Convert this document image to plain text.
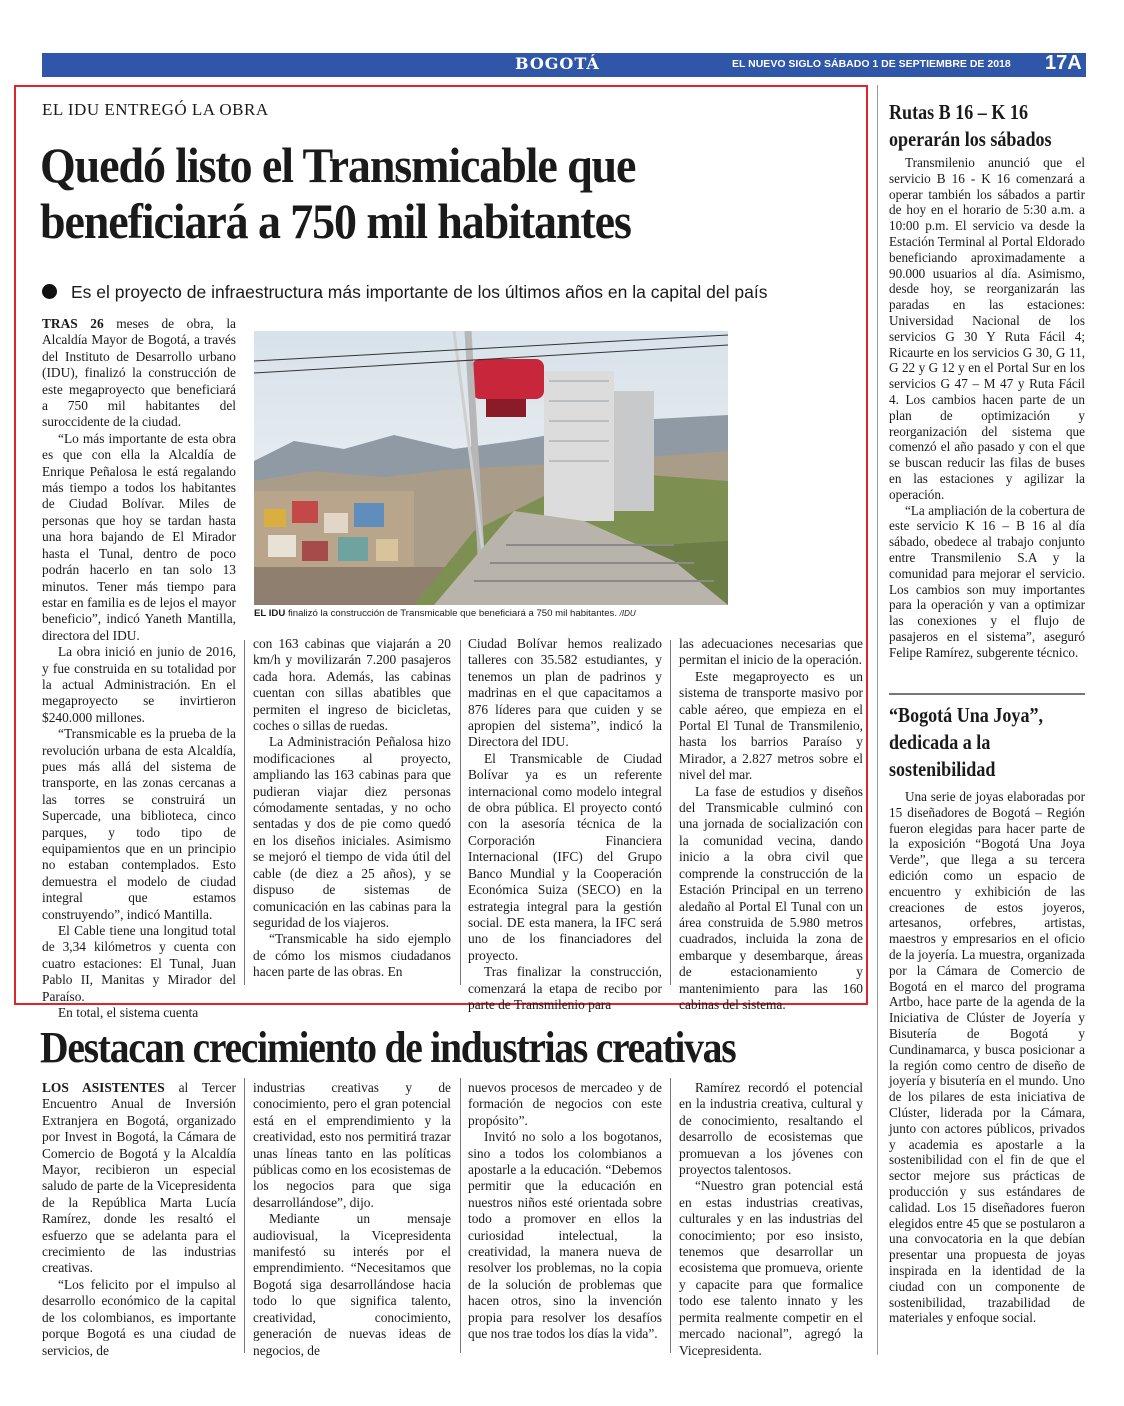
BOGOTÁ	EL NUEVO SIGLO SÁBADO 1 DE SEPTIEMBRE DE 2018 17A
EL IDU ENTREGÓ LA OBRA
Quedó listo el Transmicable que
beneficiará a 750 mil habitantes
Es el proyecto de infraestructura más importante de los últimos años en la capital del país

TRAS 26 meses de obra, la Alcaldía Mayor de Bogotá, a través del Instituto de Desarrollo urbano (IDU), finalizó la construcción de este megaproyecto que beneficiará a 750 mil habitantes del suroccidente de la ciudad.

“Lo más importante de esta obra es que con ella la Alcaldía de Enrique Peñalosa le está regalando más tiempo a todos los habitantes de Ciudad Bolívar. Miles de personas que hoy se tardan hasta una hora bajando de El Mirador hasta el Tunal, dentro de poco podrán hacerlo en tan solo 13 minutos. Tener más tiempo para estar en familia es de lejos el mayor beneficio”, indicó Yaneth Mantilla, directora del IDU.

La obra inició en junio de 2016, y fue construida en su totalidad por la actual Administración. En el megaproyecto se invirtieron $240.000 millones.

“Transmicable es la prueba de la revolución urbana de esta Alcaldía, pues más allá del sistema de transporte, en las zonas cercanas a las torres se construirá un Supercade, una biblioteca, cinco parques, y todo tipo de equipamientos que en un principio no estaban contemplados. Esto demuestra el modelo de ciudad integral que estamos construyendo”, indicó Mantilla.

El Cable tiene una longitud total de 3,34 kilómetros y cuenta con cuatro estaciones: El Tunal, Juan Pablo II, Manitas y Mirador del Paraíso.

En total, el sistema cuenta

EL IDU finalizó la construcción de Transmicable que beneficiará a 750 mil habitantes. /IDU

con 163 cabinas que viajarán a 20 km/h y movilizarán 7.200 pasajeros cada hora. Además, las cabinas cuentan con sillas abatibles que permiten el ingreso de bicicletas, coches o sillas de ruedas.

La Administración Peñalosa hizo modificaciones al proyecto, ampliando las 163 cabinas para que pudieran viajar diez personas cómodamente sentadas, y no ocho sentadas y dos de pie como quedó en los diseños iniciales. Asimismo se mejoró el tiempo de vida útil del cable (de diez a 25 años), y se dispuso de sistemas de comunicación en las cabinas para la seguridad de los viajeros.

“Transmicable ha sido ejemplo de cómo los mismos ciudadanos hacen parte de las obras. En

Ciudad Bolívar hemos realizado talleres con 35.582 estudiantes, y tenemos un plan de padrinos y madrinas en el que capacitamos a 876 líderes para que cuiden y se apropien del sistema”, indicó la Directora del IDU.

El Transmicable de Ciudad Bolívar ya es un referente internacional como modelo integral de obra pública. El proyecto contó con la asesoría técnica de la Corporación Financiera Internacional (IFC) del Grupo Banco Mundial y la Cooperación Económica Suiza (SECO) en la estrategia integral para la gestión social. DE esta manera, la IFC será uno de los financiadores del proyecto.

Tras finalizar la construcción, comenzará la etapa de recibo por parte de Transmilenio para

las adecuaciones necesarias que permitan el inicio de la operación.

Este megaproyecto es un sistema de transporte masivo por cable aéreo, que empieza en el Portal El Tunal de Transmilenio, hasta los barrios Paraíso y Mirador, a 2.827 metros sobre el nivel del mar.

La fase de estudios y diseños del Transmicable culminó con una jornada de socialización con la comunidad vecina, dando inicio a la obra civil que comprende la construcción de la Estación Principal en un terreno aledaño al Portal El Tunal con un área construida de 5.980 metros cuadrados, incluida la zona de embarque y desembarque, áreas de estacionamiento y mantenimiento para las 160 cabinas del sistema.

Destacan crecimiento de industrias creativas

LOS ASISTENTES al Tercer Encuentro Anual de Inversión Extranjera en Bogotá, organizado por Invest in Bogotá, la Cámara de Comercio de Bogotá y la Alcaldía Mayor, recibieron un especial saludo de parte de la Vicepresidenta de la República Marta Lucía Ramírez, donde les resaltó el esfuerzo que se adelanta para el crecimiento de las industrias creativas.

“Los felicito por el impulso al desarrollo económico de la capital de los colombianos, es importante porque Bogotá es una ciudad de servicios, de

industrias creativas y de conocimiento, pero el gran potencial está en el emprendimiento y la creatividad, esto nos permitirá trazar unas líneas tanto en las políticas públicas como en los ecosistemas de los negocios para que siga desarrollándose”, dijo.

Mediante un mensaje audiovisual, la Vicepresidenta manifestó su interés por el emprendimiento. “Necesitamos que Bogotá siga desarrollándose hacia todo lo que significa talento, creatividad, conocimiento, generación de nuevas ideas de negocios, de

nuevos procesos de mercadeo y de formación de negocios con este propósito”.

Invitó no solo a los bogotanos, sino a todos los colombianos a apostarle a la educación. “Debemos permitir que la educación en nuestros niños esté orientada sobre todo a promover en ellos la curiosidad intelectual, la creatividad, la manera nueva de resolver los problemas, no la copia de la solución de problemas que hacen otros, sino la invención propia para resolver los desafíos que nos trae todos los días la vida”.

Ramírez recordó el potencial en la industria creativa, cultural y de conocimiento, resaltando el desarrollo de ecosistemas que promuevan a los jóvenes con proyectos talentosos.

“Nuestro gran potencial está en estas industrias creativas, culturales y en las industrias del conocimiento; por eso insisto, tenemos que desarrollar un ecosistema que promueva, oriente y capacite para que formalice todo ese talento innato y les permita realmente competir en el mercado nacional”, agregó la Vicepresidenta.

Rutas B 16 – K 16
operarán los sábados

Transmilenio anunció que el servicio B 16 - K 16 comenzará a operar también los sábados a partir de hoy en el horario de 5:30 a.m. a 10:00 p.m. El servicio va desde la Estación Terminal al Portal Eldorado beneficiando aproximadamente a 90.000 usuarios al día. Asimismo, desde hoy, se reorganizarán las paradas en las estaciones: Universidad Nacional de los servicios G 30 Y Ruta Fácil 4; Ricaurte en los servicios G 30, G 11, G 22 y G 12 y en el Portal Sur en los servicios G 47 – M 47 y Ruta Fácil 4. Los cambios hacen parte de un plan de optimización y reorganización del sistema que comenzó el año pasado y con el que se buscan reducir las filas de buses en las estaciones y agilizar la operación.

“La ampliación de la cobertura de este servicio K 16 – B 16 al día sábado, obedece al trabajo conjunto entre Transmilenio S.A y la comunidad para mejorar el servicio. Los cambios son muy importantes para la operación y van a optimizar las conexiones y el flujo de pasajeros en el sistema”, aseguró Felipe Ramírez, subgerente técnico.

“Bogotá Una Joya”,
dedicada a la
sostenibilidad

Una serie de joyas elaboradas por 15 diseñadores de Bogotá – Región fueron elegidas para hacer parte de la exposición “Bogotá Una Joya Verde”, que llega a su tercera edición como un espacio de encuentro y exhibición de las creaciones de estos joyeros, artesanos, orfebres, artistas, maestros y empresarios en el oficio de la joyería. La muestra, organizada por la Cámara de Comercio de Bogotá en el marco del programa Artbo, hace parte de la agenda de la Iniciativa de Clúster de Joyería y Bisutería de Bogotá y Cundinamarca, y busca posicionar a la región como centro de diseño de joyería y bisutería en el mundo. Uno de los pilares de esta iniciativa de Clúster, liderada por la Cámara, junto con actores públicos, privados y academia es apostarle a la sostenibilidad con el fin de que el sector mejore sus prácticas de producción y sus estándares de calidad. Los 15 diseñadores fueron elegidos entre 45 que se postularon a una convocatoria en la que debían presentar una propuesta de joyas inspirada en la identidad de la ciudad con un componente de sostenibilidad, trazabilidad de materiales y enfoque social.
